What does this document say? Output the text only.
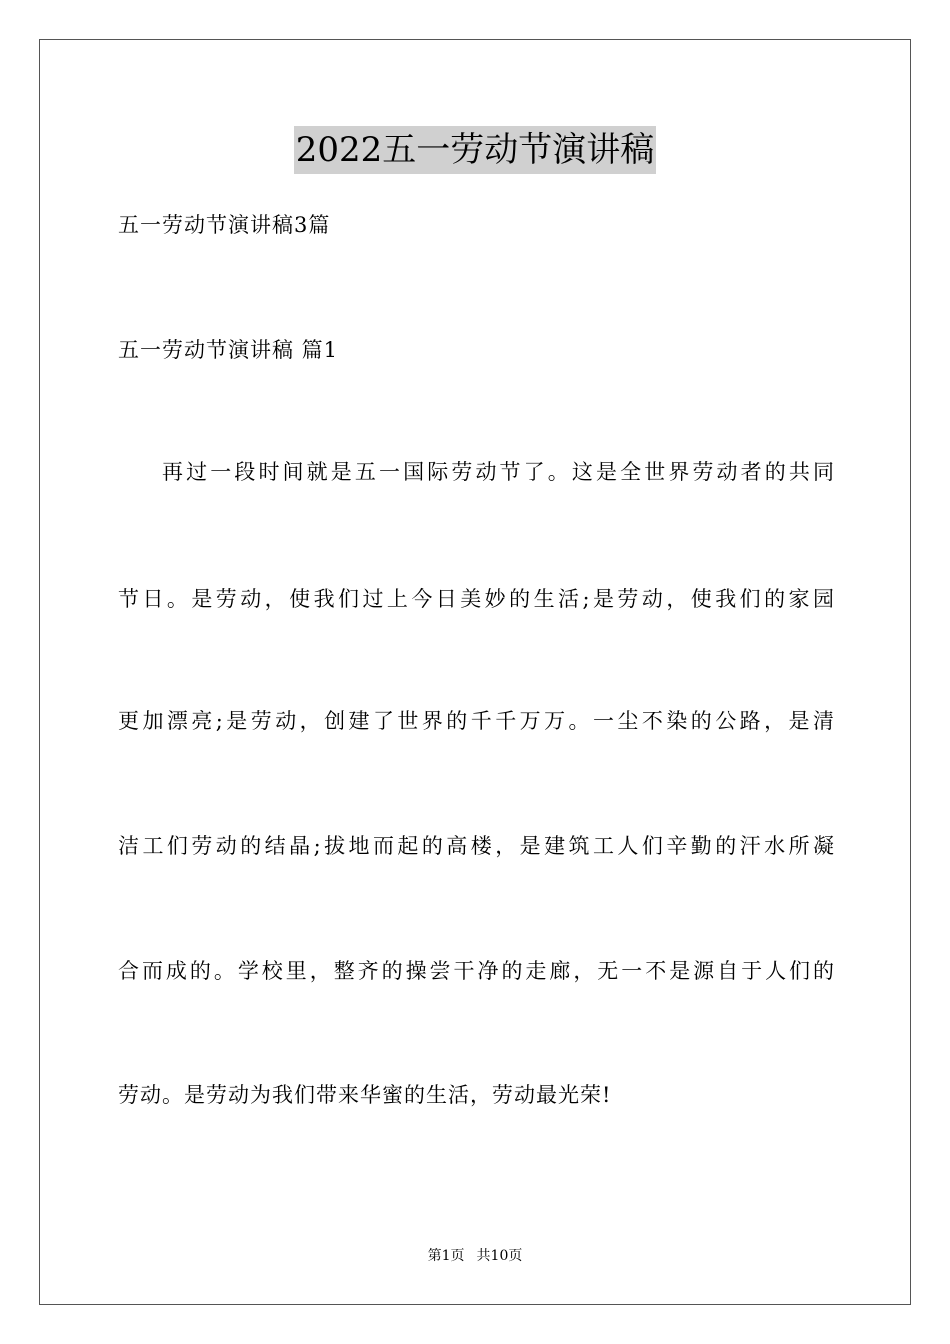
2022五一劳动节演讲稿
五一劳动节演讲稿3篇
五一劳动节演讲稿 篇1
再过一段时间就是五一国际劳动节了。这是全世界劳动者的共同
节日。是劳动，使我们过上今日美妙的生活;是劳动，使我们的家园
更加漂亮;是劳动，创建了世界的千千万万。一尘不染的公路，是清
洁工们劳动的结晶;拔地而起的高楼，是建筑工人们辛勤的汗水所凝
合而成的。学校里，整齐的操尝干净的走廊，无一不是源自于人们的
劳动。是劳动为我们带来华蜜的生活，劳动最光荣!
第1页 共10页
